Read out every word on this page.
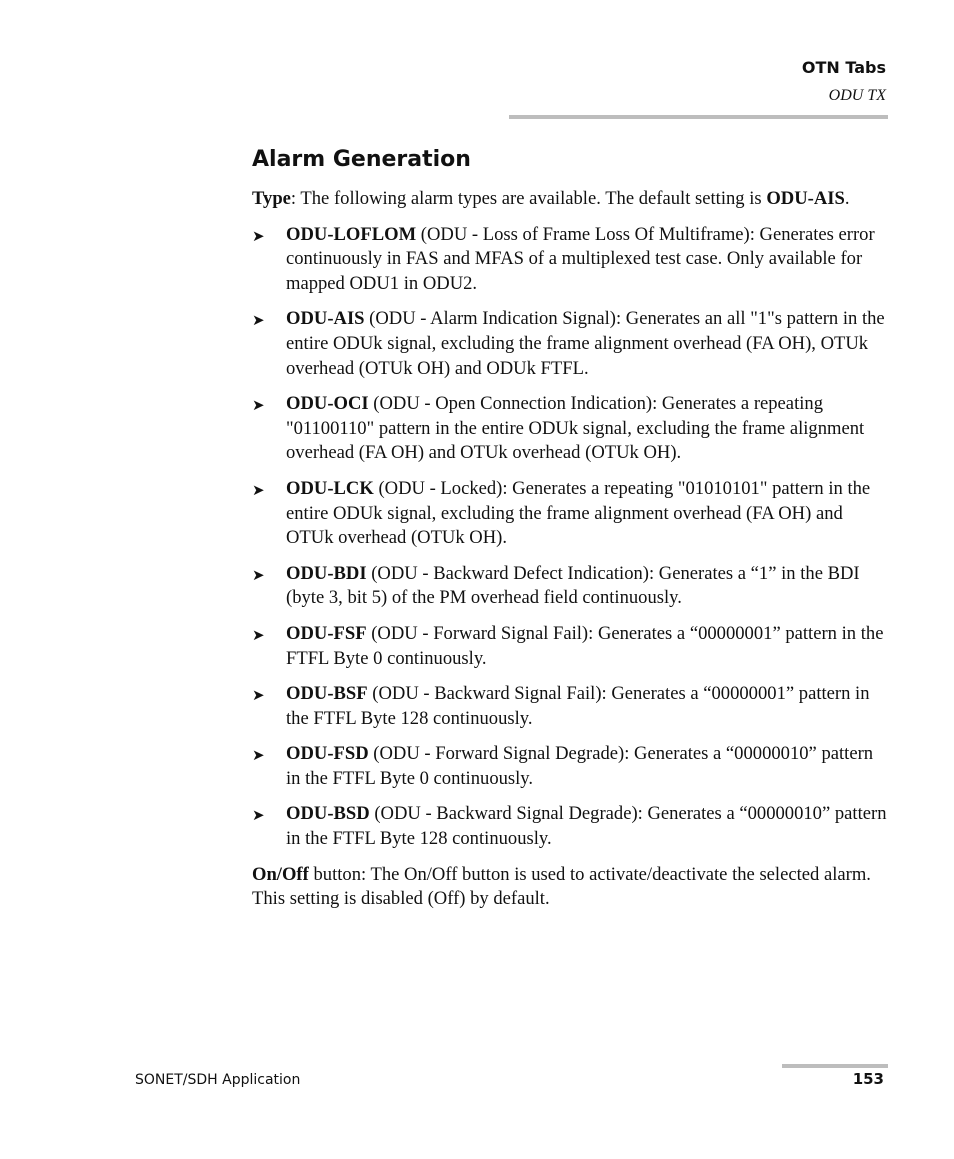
OTN Tabs
ODU TX
Alarm Generation

Type: The following alarm types are available. The default setting is ODU-AIS.

➤ ODU-LOFLOM (ODU - Loss of Frame Loss Of Multiframe): Generates error continuously in FAS and MFAS of a multiplexed test case. Only available for mapped ODU1 in ODU2.
➤ ODU-AIS (ODU - Alarm Indication Signal): Generates an all "1"s pattern in the entire ODUk signal, excluding the frame alignment overhead (FA OH), OTUk overhead (OTUk OH) and ODUk FTFL.
➤ ODU-OCI (ODU - Open Connection Indication): Generates a repeating "01100110" pattern in the entire ODUk signal, excluding the frame alignment overhead (FA OH) and OTUk overhead (OTUk OH).
➤ ODU-LCK (ODU - Locked): Generates a repeating "01010101" pattern in the entire ODUk signal, excluding the frame alignment overhead (FA OH) and OTUk overhead (OTUk OH).
➤ ODU-BDI (ODU - Backward Defect Indication): Generates a “1” in the BDI (byte 3, bit 5) of the PM overhead field continuously.
➤ ODU-FSF (ODU - Forward Signal Fail): Generates a “00000001” pattern in the FTFL Byte 0 continuously.
➤ ODU-BSF (ODU - Backward Signal Fail): Generates a “00000001” pattern in the FTFL Byte 128 continuously.
➤ ODU-FSD (ODU - Forward Signal Degrade): Generates a “00000010” pattern in the FTFL Byte 0 continuously.
➤ ODU-BSD (ODU - Backward Signal Degrade): Generates a “00000010” pattern in the FTFL Byte 128 continuously.

On/Off button: The On/Off button is used to activate/deactivate the selected alarm. This setting is disabled (Off) by default.

SONET/SDH Application	153
